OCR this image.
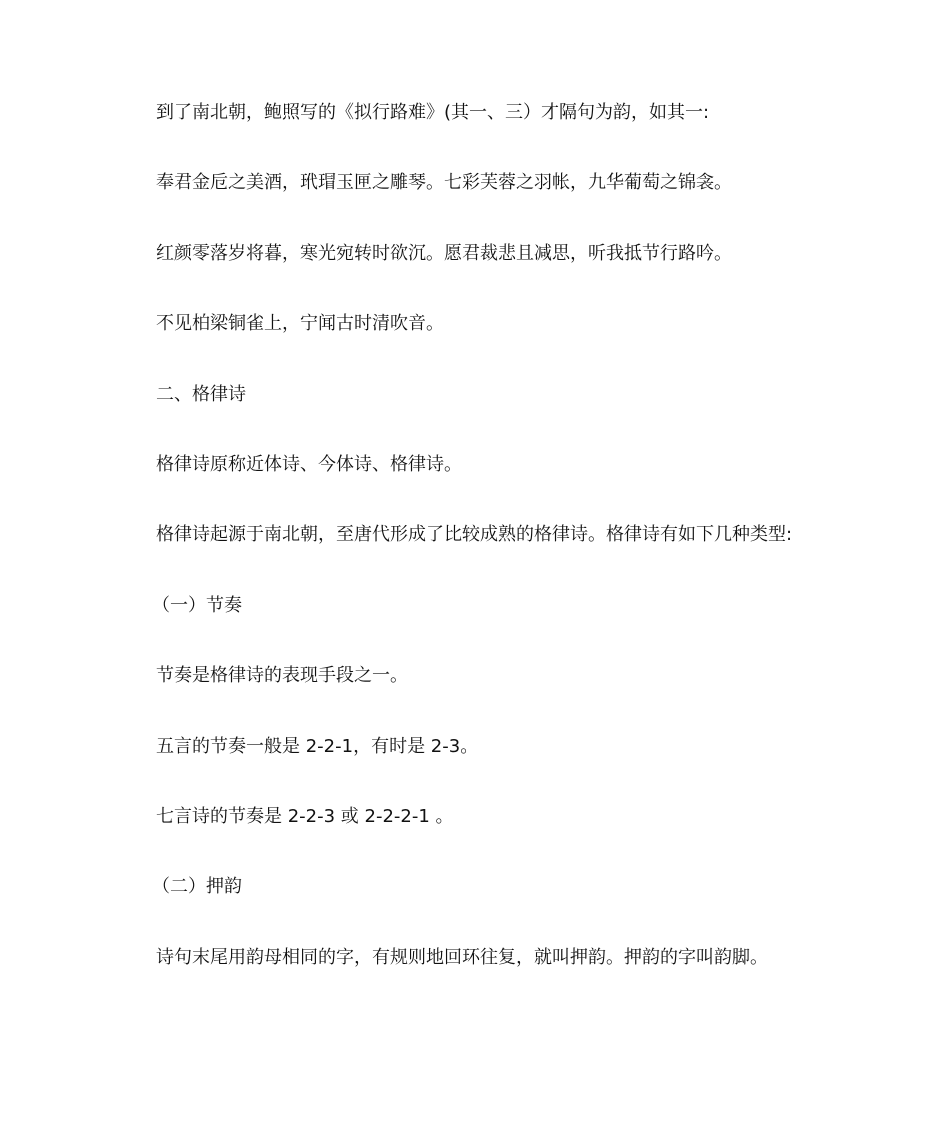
到了南北朝，鲍照写的《拟行路难》(其一、三）才隔句为韵，如其一:
奉君金卮之美酒，玳瑁玉匣之雕琴。七彩芙蓉之羽帐，九华葡萄之锦衾。
红颜零落岁将暮，寒光宛转时欲沉。愿君裁悲且减思，听我抵节行路吟。
不见柏梁铜雀上，宁闻古时清吹音。
二、格律诗
格律诗原称近体诗、今体诗、格律诗。
格律诗起源于南北朝，至唐代形成了比较成熟的格律诗。格律诗有如下几种类型:
（一）节奏
节奏是格律诗的表现手段之一。
五言的节奏一般是 2-2-1，有时是 2-3。
七言诗的节奏是 2-2-3 或 2-2-2-1 。
（二）押韵
诗句末尾用韵母相同的字，有规则地回环往复，就叫押韵。押韵的字叫韵脚。
